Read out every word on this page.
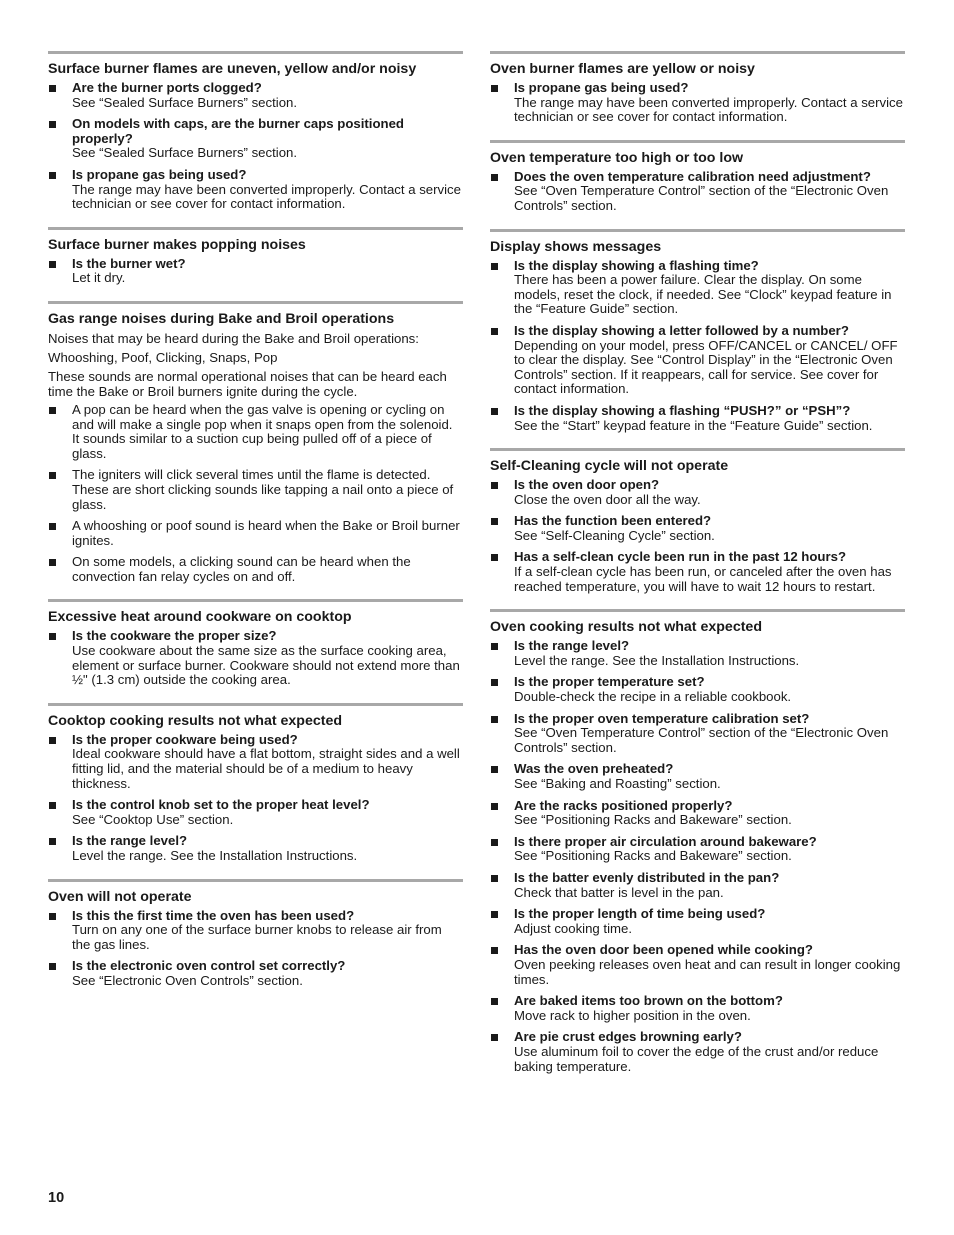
Surface burner flames are uneven, yellow and/or noisy
Are the burner ports clogged?
See “Sealed Surface Burners” section.
On models with caps, are the burner caps positioned properly?
See “Sealed Surface Burners” section.
Is propane gas being used?
The range may have been converted improperly. Contact a service technician or see cover for contact information.
Surface burner makes popping noises
Is the burner wet?
Let it dry.
Gas range noises during Bake and Broil operations
Noises that may be heard during the Bake and Broil operations:
Whooshing, Poof, Clicking, Snaps, Pop
These sounds are normal operational noises that can be heard each time the Bake or Broil burners ignite during the cycle.
A pop can be heard when the gas valve is opening or cycling on and will make a single pop when it snaps open from the solenoid. It sounds similar to a suction cup being pulled off of a piece of glass.
The igniters will click several times until the flame is detected. These are short clicking sounds like tapping a nail onto a piece of glass.
A whooshing or poof sound is heard when the Bake or Broil burner ignites.
On some models, a clicking sound can be heard when the convection fan relay cycles on and off.
Excessive heat around cookware on cooktop
Is the cookware the proper size?
Use cookware about the same size as the surface cooking area, element or surface burner. Cookware should not extend more than ½" (1.3 cm) outside the cooking area.
Cooktop cooking results not what expected
Is the proper cookware being used?
Ideal cookware should have a flat bottom, straight sides and a well fitting lid, and the material should be of a medium to heavy thickness.
Is the control knob set to the proper heat level?
See “Cooktop Use” section.
Is the range level?
Level the range. See the Installation Instructions.
Oven will not operate
Is this the first time the oven has been used?
Turn on any one of the surface burner knobs to release air from the gas lines.
Is the electronic oven control set correctly?
See “Electronic Oven Controls” section.
Oven burner flames are yellow or noisy
Is propane gas being used?
The range may have been converted improperly. Contact a service technician or see cover for contact information.
Oven temperature too high or too low
Does the oven temperature calibration need adjustment?
See “Oven Temperature Control” section of the “Electronic Oven Controls” section.
Display shows messages
Is the display showing a flashing time?
There has been a power failure. Clear the display. On some models, reset the clock, if needed. See “Clock” keypad feature in the “Feature Guide” section.
Is the display showing a letter followed by a number?
Depending on your model, press OFF/CANCEL or CANCEL/ OFF to clear the display. See “Control Display” in the “Electronic Oven Controls” section. If it reappears, call for service. See cover for contact information.
Is the display showing a flashing “PUSH?” or “PSH”?
See the “Start” keypad feature in the “Feature Guide” section.
Self-Cleaning cycle will not operate
Is the oven door open?
Close the oven door all the way.
Has the function been entered?
See “Self-Cleaning Cycle” section.
Has a self-clean cycle been run in the past 12 hours?
If a self-clean cycle has been run, or canceled after the oven has reached temperature, you will have to wait 12 hours to restart.
Oven cooking results not what expected
Is the range level?
Level the range. See the Installation Instructions.
Is the proper temperature set?
Double-check the recipe in a reliable cookbook.
Is the proper oven temperature calibration set?
See “Oven Temperature Control” section of the “Electronic Oven Controls” section.
Was the oven preheated?
See “Baking and Roasting” section.
Are the racks positioned properly?
See “Positioning Racks and Bakeware” section.
Is there proper air circulation around bakeware?
See “Positioning Racks and Bakeware” section.
Is the batter evenly distributed in the pan?
Check that batter is level in the pan.
Is the proper length of time being used?
Adjust cooking time.
Has the oven door been opened while cooking?
Oven peeking releases oven heat and can result in longer cooking times.
Are baked items too brown on the bottom?
Move rack to higher position in the oven.
Are pie crust edges browning early?
Use aluminum foil to cover the edge of the crust and/or reduce baking temperature.
10
